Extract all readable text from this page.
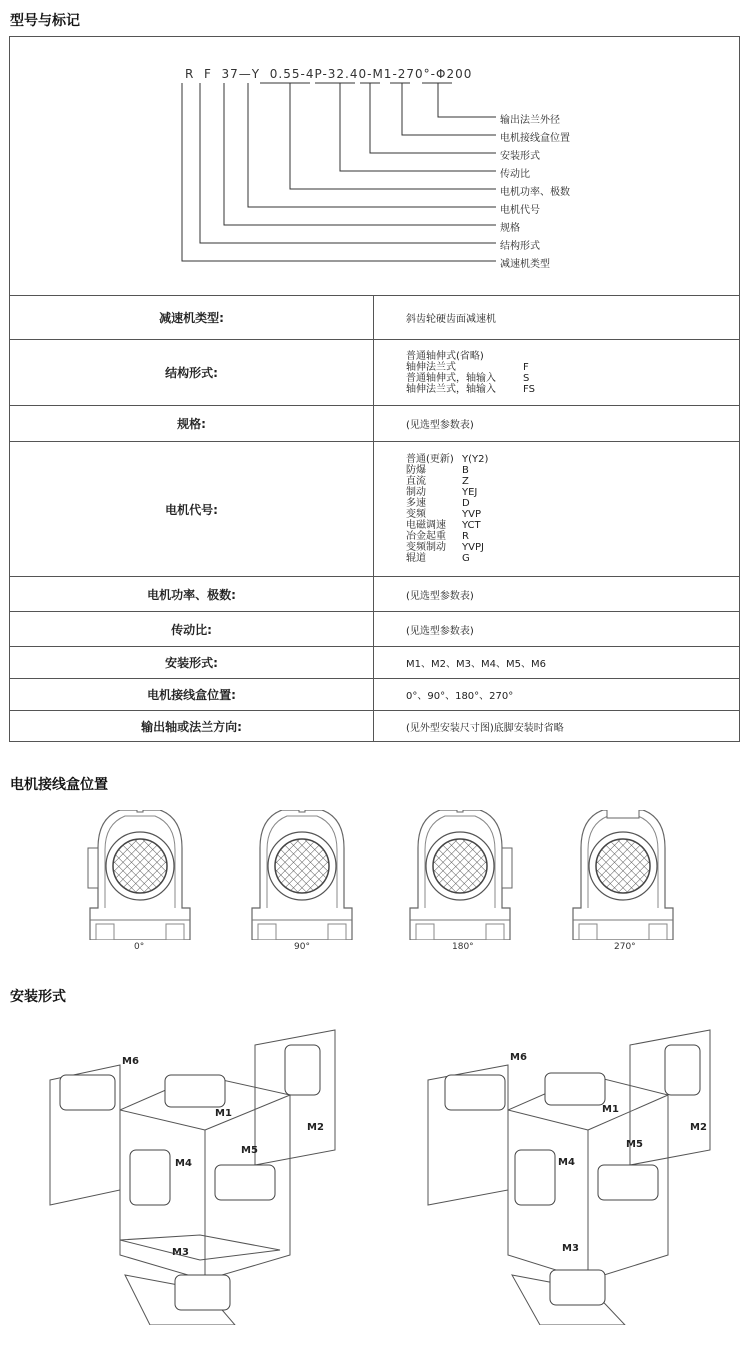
型号与标记
R F 37—Y 0.55-4P-32.40-M1-270°-Φ200
输出法兰外径
电机接线盒位置
安装形式
传动比
电机功率、极数
电机代号
规格
结构形式
减速机类型
减速机类型:	斜齿轮硬齿面减速机
结构形式:
普通轴伸式(省略)
轴伸法兰式	F
普通轴伸式，轴输入	S
轴伸法兰式，轴输入	FS
规格:	(见选型参数表)
电机代号:
普通(更新) Y(Y2)
防爆	B
直流	Z
制动	YEJ
多速	D
变频	YVP
电磁调速 YCT
冶金起重 R
变频制动 YVPJ
辊道	G
电机功率、极数:	(见选型参数表)
传动比:	(见选型参数表)
安装形式:	M1、M2、M3、M4、M5、M6
电机接线盒位置:	0°、90°、180°、270°
输出轴或法兰方向:	(见外型安装尺寸图)底脚安装时省略
电机接线盒位置
0°	90°	180°	270°
安装形式
M6
M1
M2
M4
M5
M3
M6
M1
M2
M4
M5
M3
